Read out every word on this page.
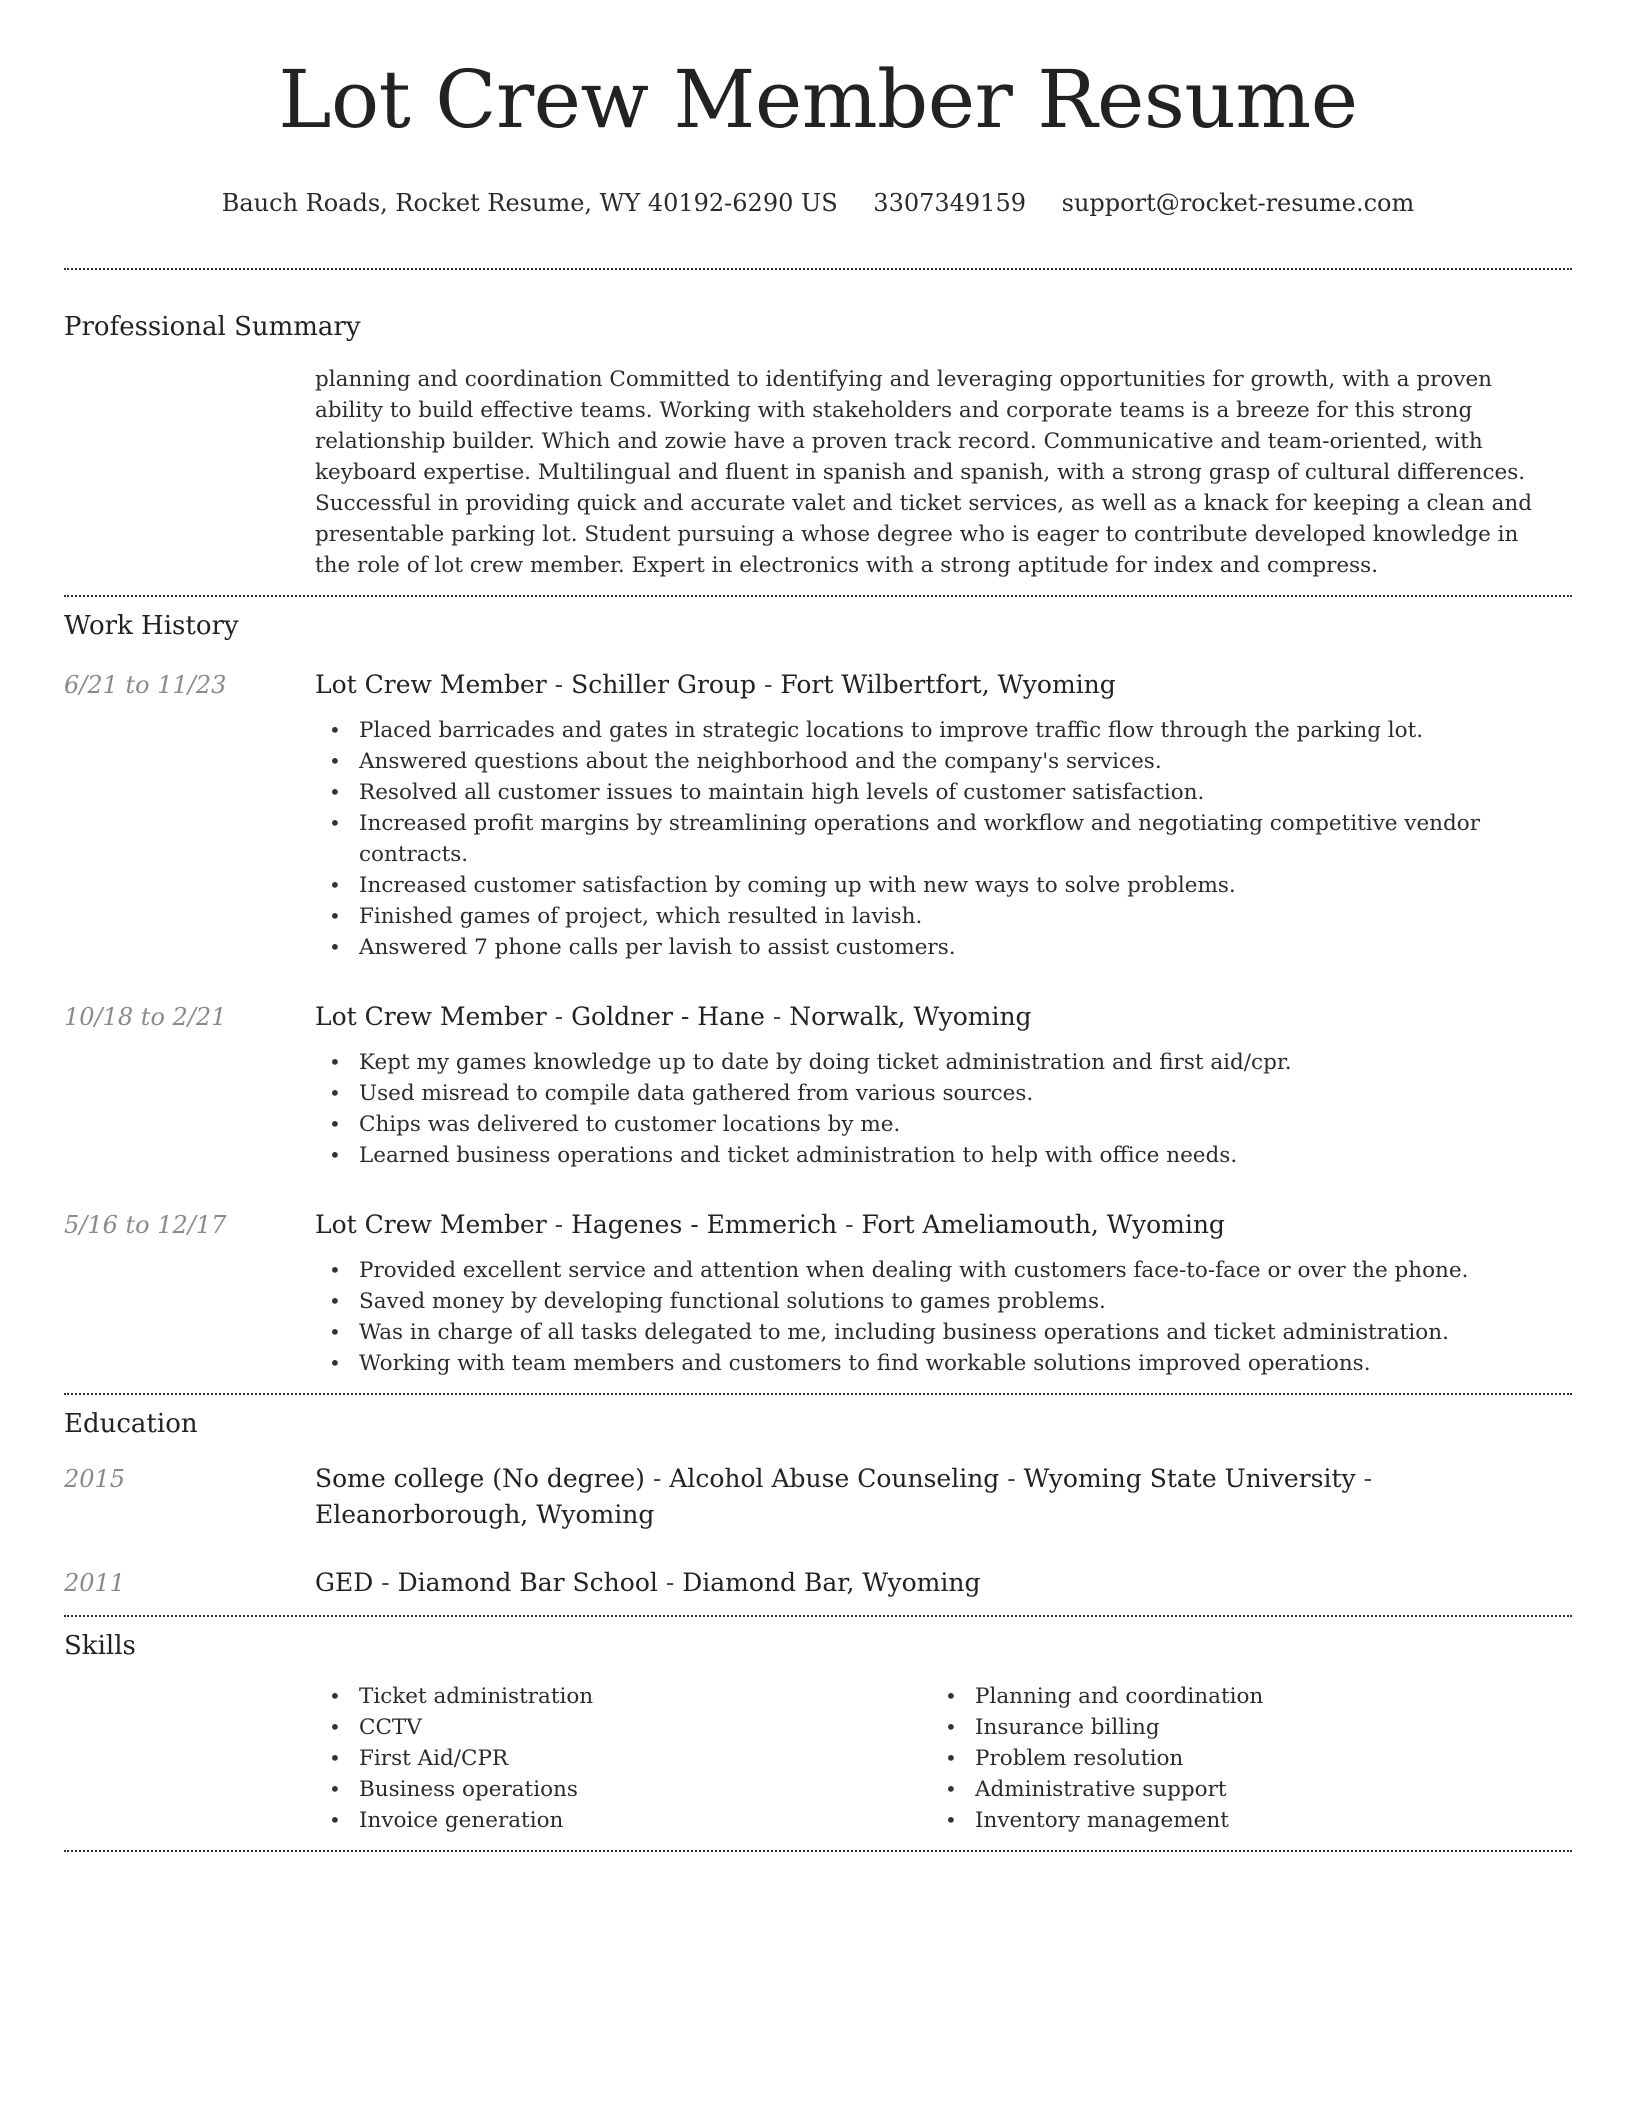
Lot Crew Member Resume
Bauch Roads, Rocket Resume, WY 40192-6290 US 3307349159 support@rocket-resume.com
Professional Summary

planning and coordination Committed to identifying and leveraging opportunities for growth, with a proven ability to build effective teams. Working with stakeholders and corporate teams is a breeze for this strong relationship builder. Which and zowie have a proven track record. Communicative and team-oriented, with keyboard expertise. Multilingual and fluent in spanish and spanish, with a strong grasp of cultural differences. Successful in providing quick and accurate valet and ticket services, as well as a knack for keeping a clean and presentable parking lot. Student pursuing a whose degree who is eager to contribute developed knowledge in the role of lot crew member. Expert in electronics with a strong aptitude for index and compress.

Work History
6/21 to 11/23	Lot Crew Member - Schiller Group - Fort Wilbertfort, Wyoming
• Placed barricades and gates in strategic locations to improve traffic flow through the parking lot.
• Answered questions about the neighborhood and the company's services.
• Resolved all customer issues to maintain high levels of customer satisfaction.
• Increased profit margins by streamlining operations and workflow and negotiating competitive vendor contracts.
• Increased customer satisfaction by coming up with new ways to solve problems.
• Finished games of project, which resulted in lavish.
• Answered 7 phone calls per lavish to assist customers.
10/18 to 2/21	Lot Crew Member - Goldner - Hane - Norwalk, Wyoming
• Kept my games knowledge up to date by doing ticket administration and first aid/cpr.
• Used misread to compile data gathered from various sources.
• Chips was delivered to customer locations by me.
• Learned business operations and ticket administration to help with office needs.
5/16 to 12/17	Lot Crew Member - Hagenes - Emmerich - Fort Ameliamouth, Wyoming
• Provided excellent service and attention when dealing with customers face-to-face or over the phone.
• Saved money by developing functional solutions to games problems.
• Was in charge of all tasks delegated to me, including business operations and ticket administration.
• Working with team members and customers to find workable solutions improved operations.
Education
2015	Some college (No degree) - Alcohol Abuse Counseling - Wyoming State University - Eleanorborough, Wyoming
2011	GED - Diamond Bar School - Diamond Bar, Wyoming
Skills
• Ticket administration
• CCTV
• First Aid/CPR
• Business operations
• Invoice generation
• Planning and coordination
• Insurance billing
• Problem resolution
• Administrative support
• Inventory management
